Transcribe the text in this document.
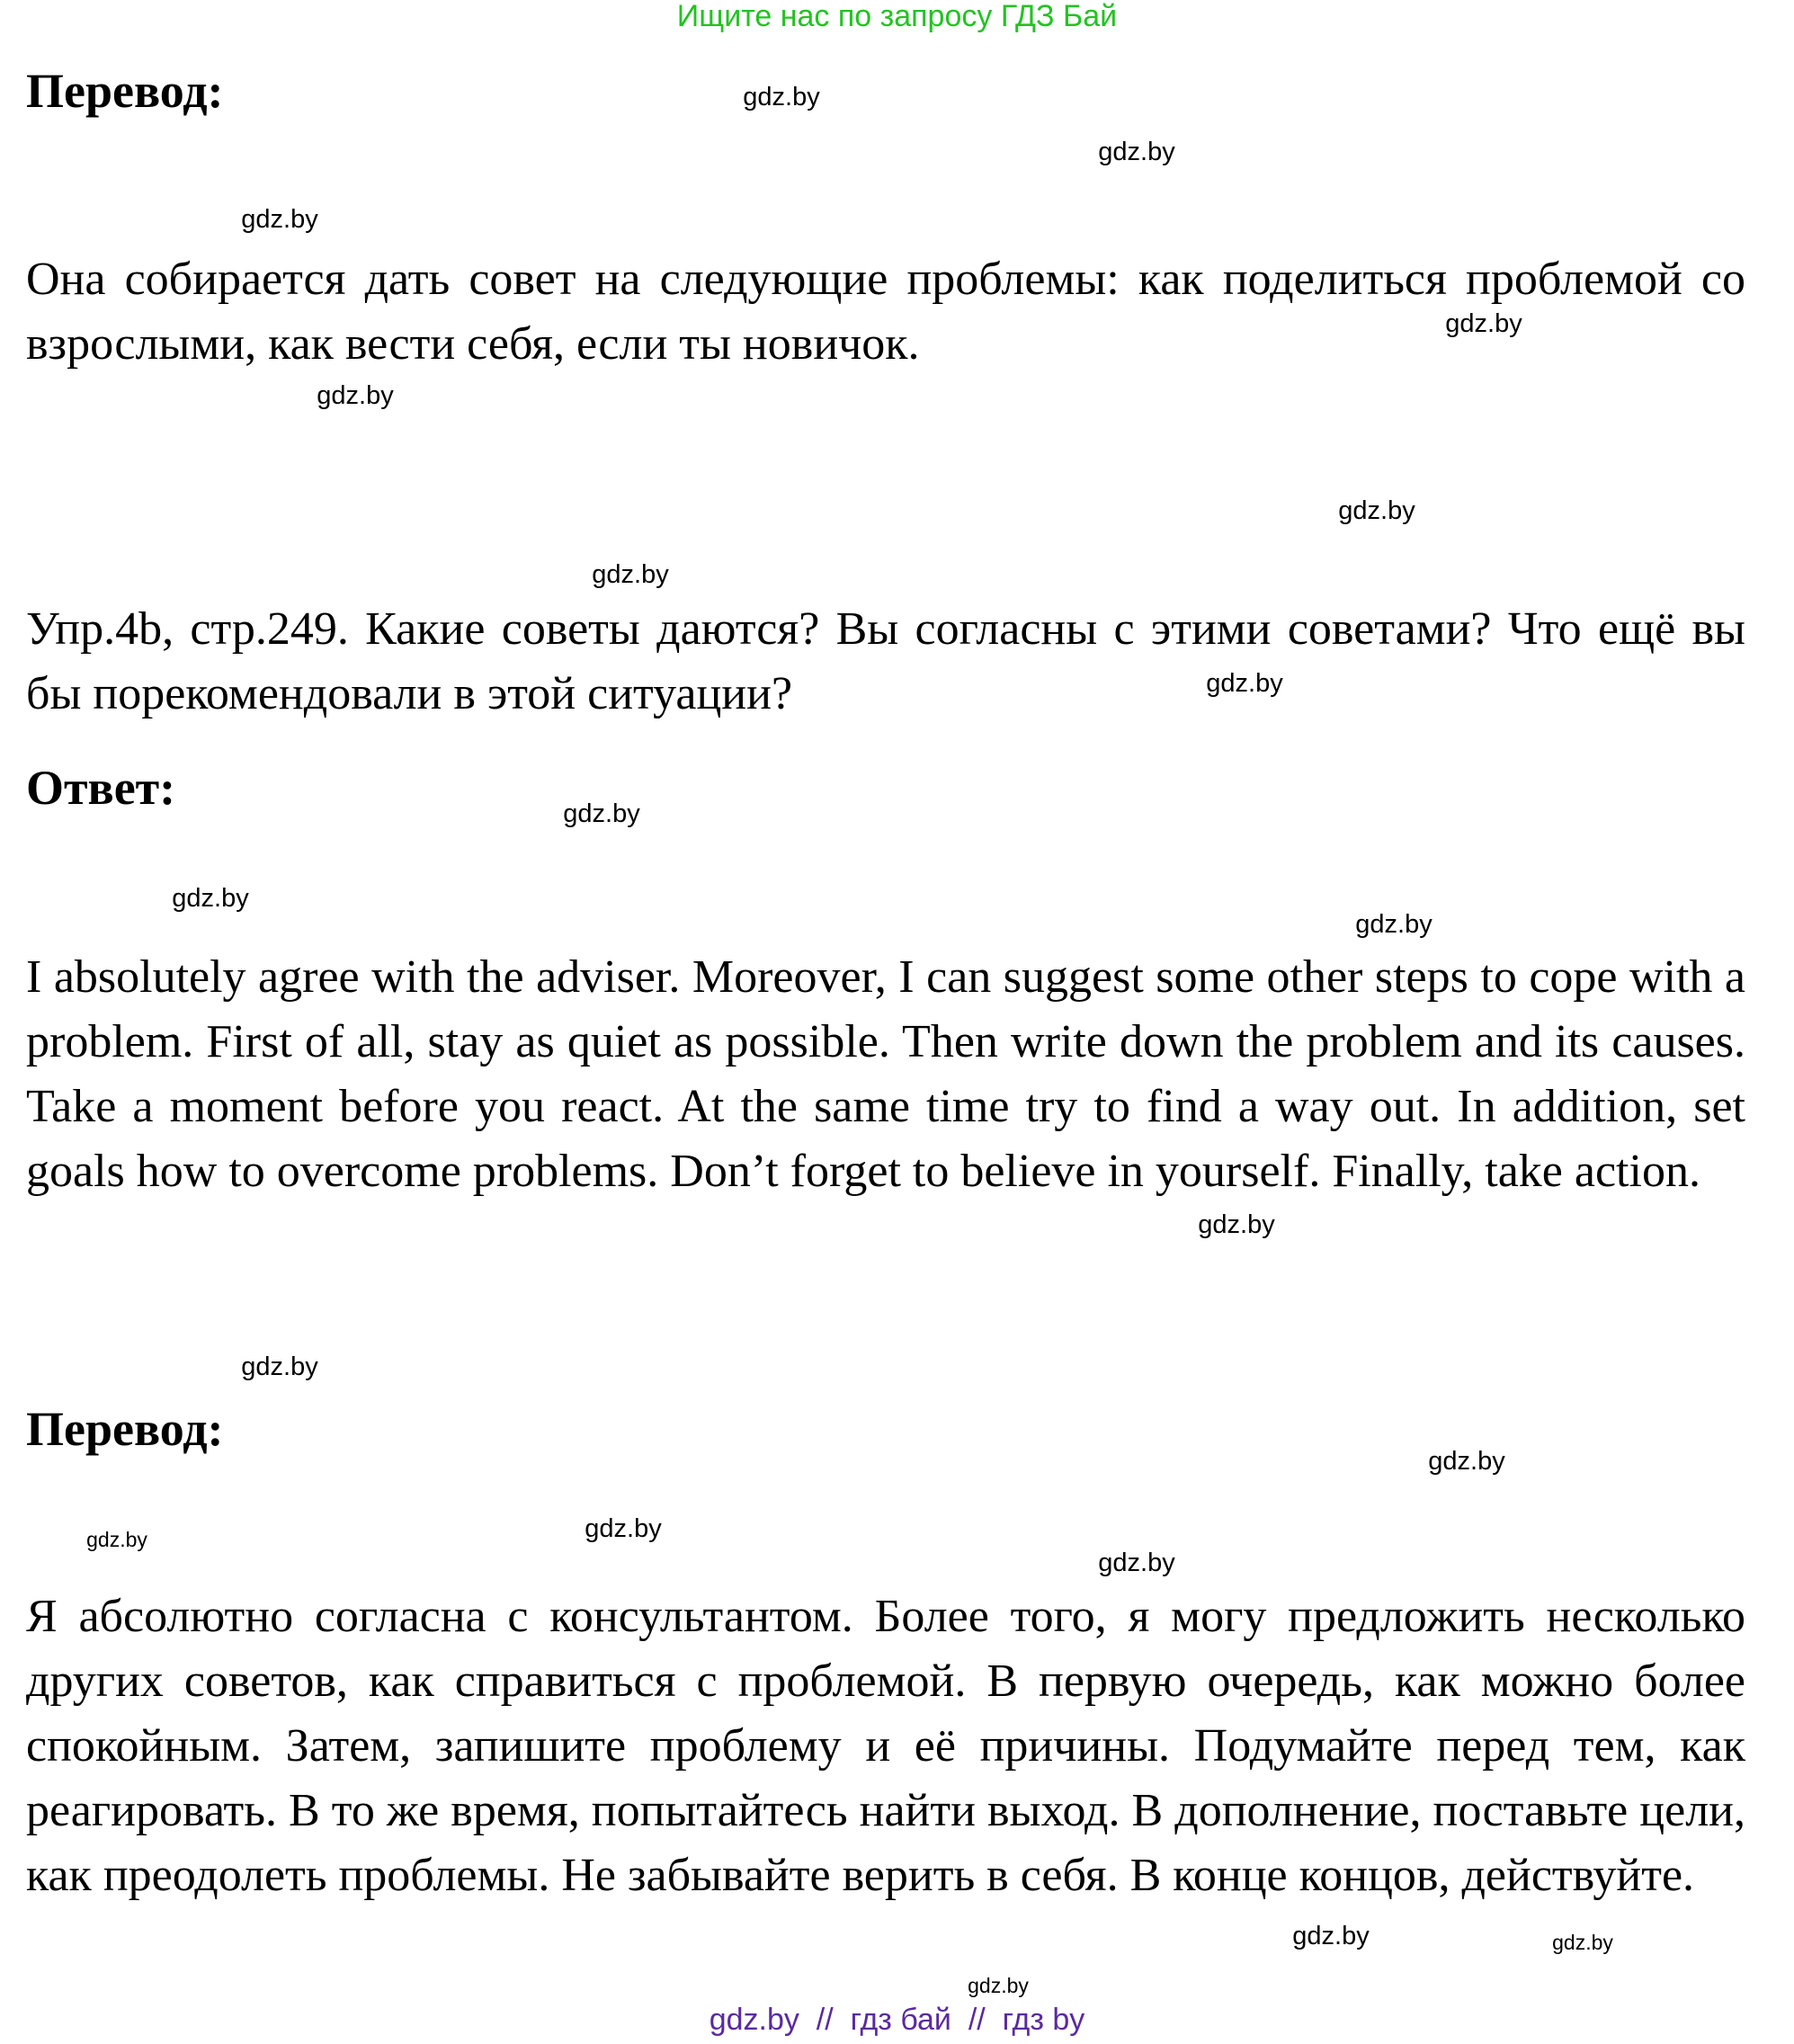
Ищите нас по запросу ГДЗ Бай
Перевод:
Она собирается дать совет на следующие проблемы: как поделиться проблемой со взрослыми, как вести себя, если ты новичок.
Упр.4b, стр.249. Какие советы даются? Вы согласны с этими советами? Что ещё вы бы порекомендовали в этой ситуации?
Ответ:
I absolutely agree with the adviser. Moreover, I can suggest some other steps to cope with a problem. First of all, stay as quiet as possible. Then write down the problem and its causes. Take a moment before you react. At the same time try to find a way out. In addition, set goals how to overcome problems. Don’t forget to believe in yourself. Finally, take action.
Перевод:
Я абсолютно согласна с консультантом. Более того, я могу предложить несколько других советов, как справиться с проблемой. В первую очередь, как можно более спокойным. Затем, запишите проблему и её причины. Подумайте перед тем, как реагировать. В то же время, попытайтесь найти выход. В дополнение, поставьте цели, как преодолеть проблемы. Не забывайте верить в себя. В конце концов, действуйте.
gdz.by
gdz.by
gdz.by
gdz.by
gdz.by
gdz.by
gdz.by
gdz.by
gdz.by
gdz.by
gdz.by
gdz.by
gdz.by
gdz.by
gdz.by
gdz.by
gdz.by
gdz.by
gdz.by
gdz.by
gdz.by  //  гдз бай  //  гдз by
